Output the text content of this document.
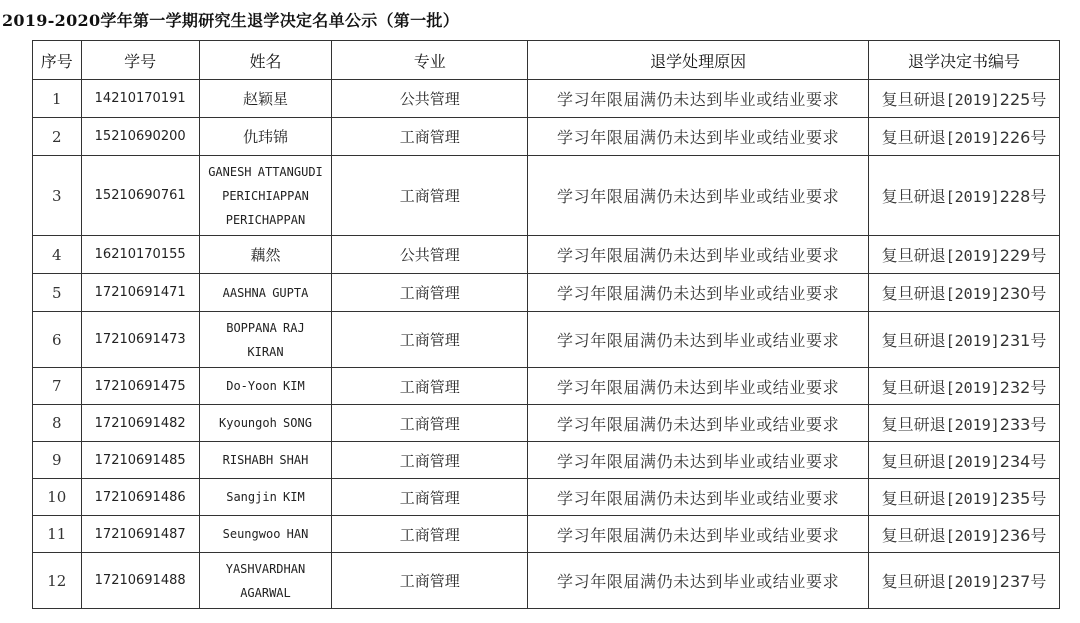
2019-2020学年第一学期研究生退学决定名单公示（第一批）
序号	学号	姓名	专业	退学处理原因	退学决定书编号
1	14210170191	赵颖星	公共管理	学习年限届满仍未达到毕业或结业要求	复旦研退[2019]225号
2	15210690200	仇玮锦	工商管理	学习年限届满仍未达到毕业或结业要求	复旦研退[2019]226号
3	15210690761	GANESH ATTANGUDI
PERICHIAPPAN
PERICHAPPAN	工商管理	学习年限届满仍未达到毕业或结业要求	复旦研退[2019]228号
4	16210170155	藕然	公共管理	学习年限届满仍未达到毕业或结业要求	复旦研退[2019]229号
5	17210691471	AASHNA GUPTA	工商管理	学习年限届满仍未达到毕业或结业要求	复旦研退[2019]230号
6	17210691473	BOPPANA RAJ
KIRAN	工商管理	学习年限届满仍未达到毕业或结业要求	复旦研退[2019]231号
7	17210691475	Do-Yoon KIM	工商管理	学习年限届满仍未达到毕业或结业要求	复旦研退[2019]232号
8	17210691482	Kyoungoh SONG	工商管理	学习年限届满仍未达到毕业或结业要求	复旦研退[2019]233号
9	17210691485	RISHABH SHAH	工商管理	学习年限届满仍未达到毕业或结业要求	复旦研退[2019]234号
10	17210691486	Sangjin KIM	工商管理	学习年限届满仍未达到毕业或结业要求	复旦研退[2019]235号
11	17210691487	Seungwoo HAN	工商管理	学习年限届满仍未达到毕业或结业要求	复旦研退[2019]236号
12	17210691488	YASHVARDHAN
AGARWAL	工商管理	学习年限届满仍未达到毕业或结业要求	复旦研退[2019]237号
